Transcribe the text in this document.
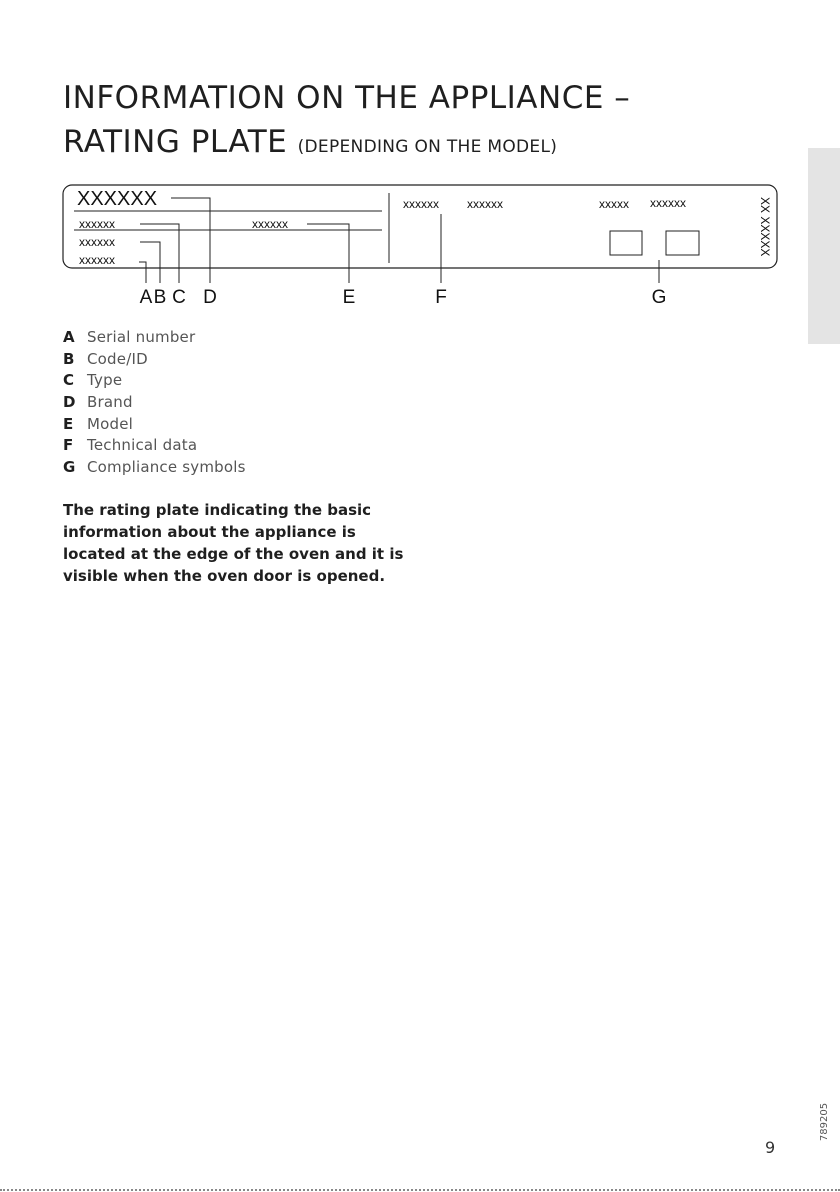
INFORMATION ON THE APPLIANCE –
RATING PLATE (DEPENDING ON THE MODEL)
XXXXXX
xxxxxx
xxxxxx
xxxxxx
xxxxxx
xxxxxx xxxxxx	xxxxx xxxxxx	XX XXXXX
A B C D	E	F	G
A Serial number
B Code/ID
C Type
D Brand
E Model
F Technical data
G Compliance symbols

The rating plate indicating the basic information about the appliance is located at the edge of the oven and it is visible when the oven door is opened.

789205
9
